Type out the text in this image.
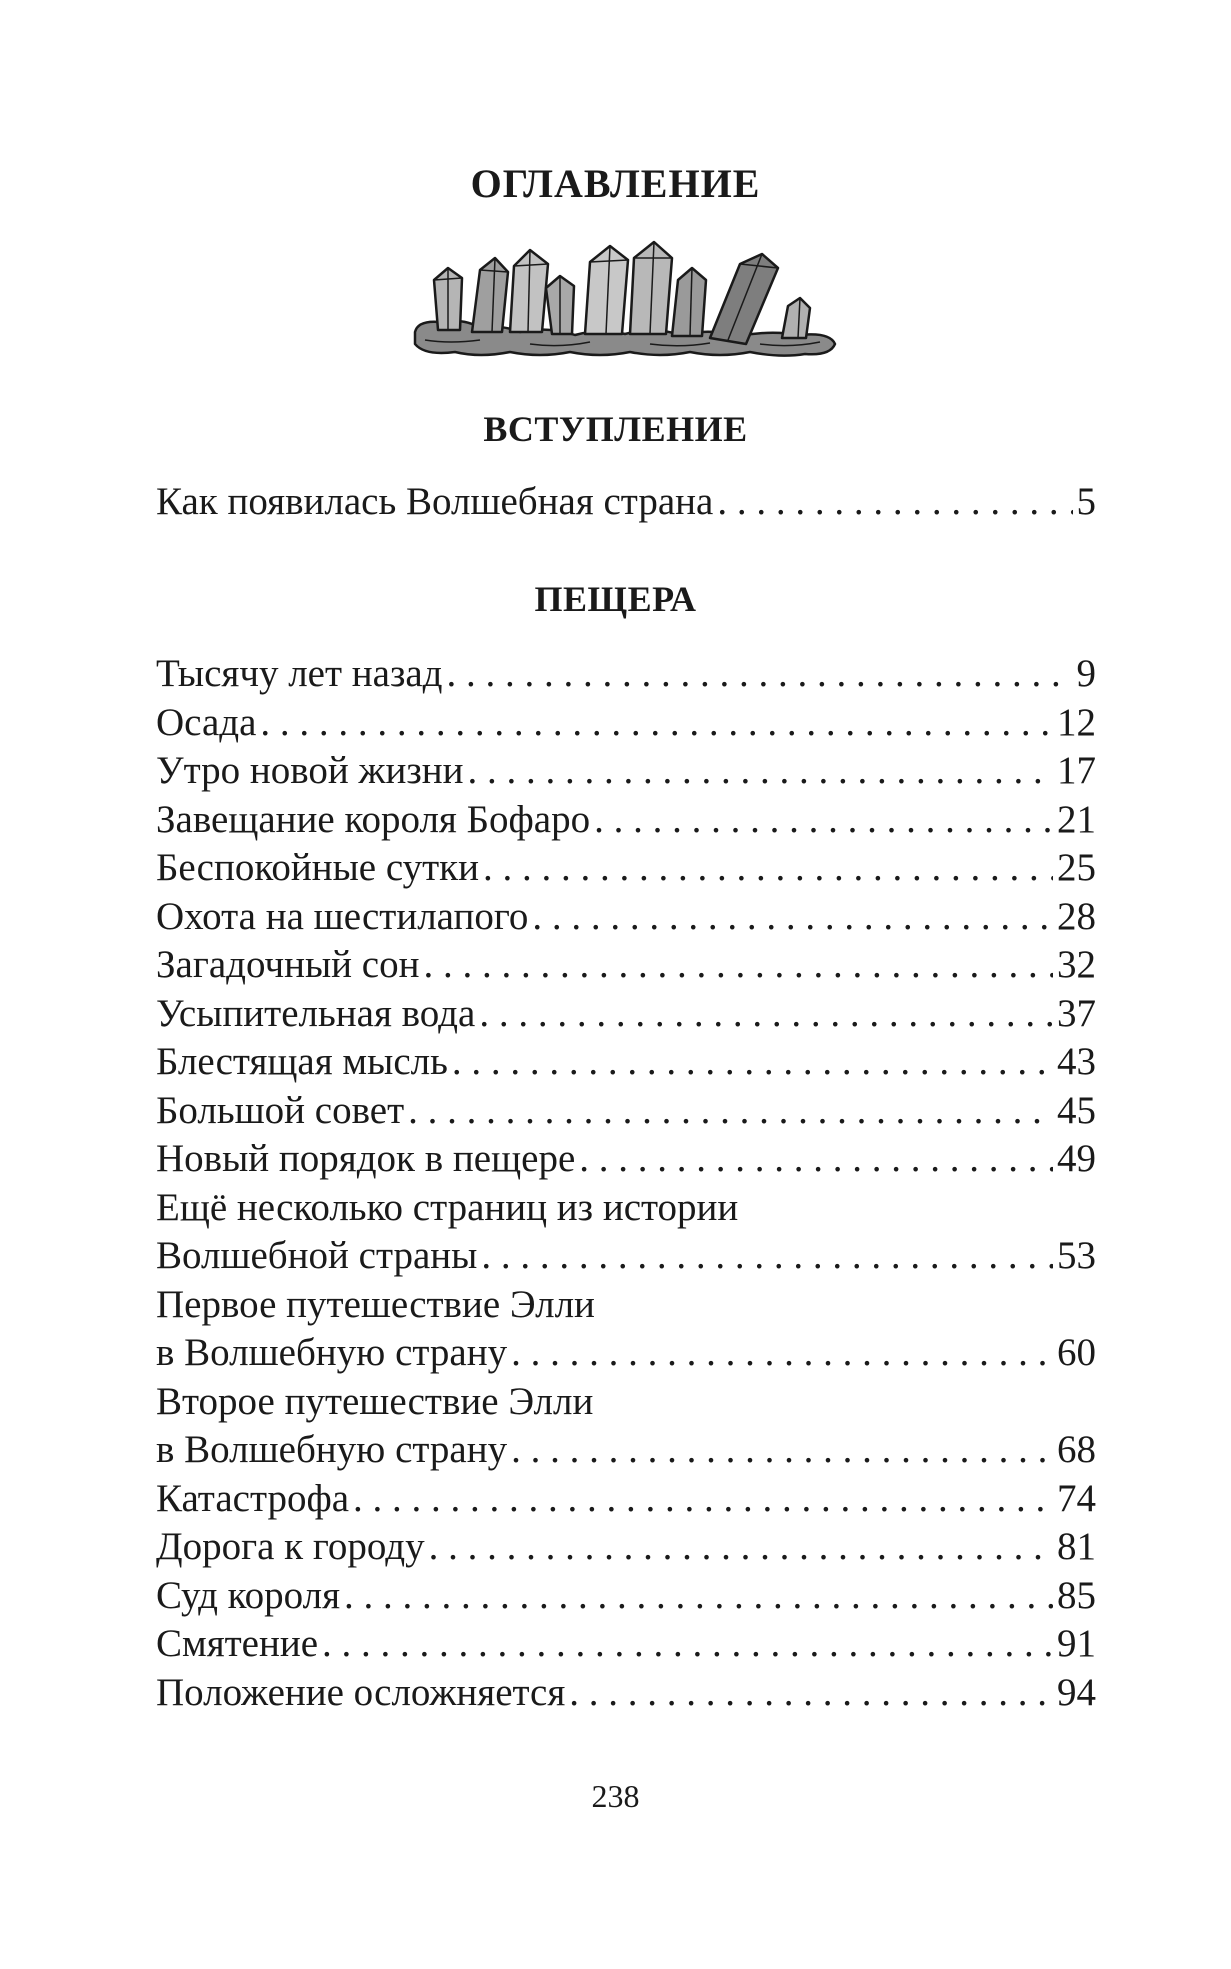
ОГЛАВЛЕНИЕ
ВСТУПЛЕНИЕ
Как появилась Волшебная страна . . .	5
ПЕЩЕРА
Тысячу лет назад . . .	9
Осада . . .	12
Утро новой жизни . . .	17
Завещание короля Бофаро . . .	21
Беспокойные сутки . . .	25
Охота на шестилапого . . .	28
Загадочный сон . . .	32
Усыпительная вода . . .	37
Блестящая мысль . . .	43
Большой совет . . .	45
Новый порядок в пещере . . .	49
Ещё несколько страниц из истории
Волшебной страны . . .	53
Первое путешествие Элли
в Волшебную страну . . .	60
Второе путешествие Элли
в Волшебную страну . . .	68
Катастрофа . . .	74
Дорога к городу . . .	81
Суд короля . . .	85
Смятение . . .	91
Положение осложняется . . .	94
238
